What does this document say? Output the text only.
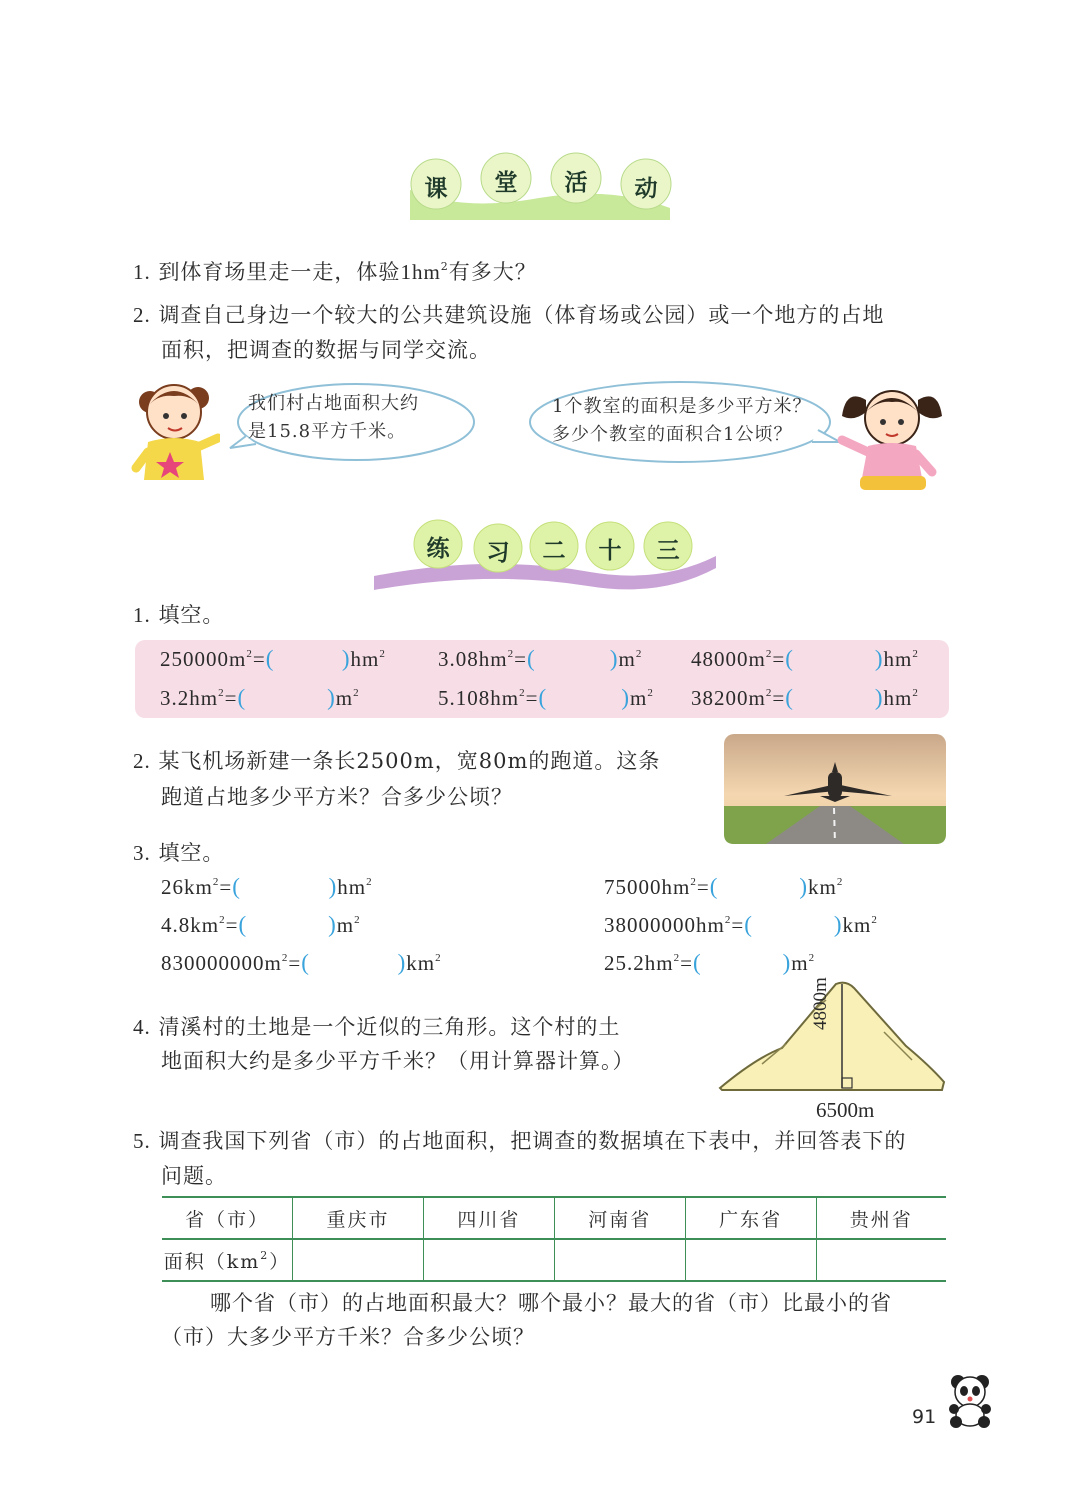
课 堂 活 动
1. 到体育场里走一走，体验$1hm^2$有多大？
2. 调查自己身边一个较大的公共建筑设施（体育场或公园）或一个地方的占地
面积，把调查的数据与同学交流。
我们村占地面积大约
是15.8平方千米。
1个教室的面积是多少平方米？
多少个教室的面积合1公顷？
练 习 二 十 三
1. 填空。
$250000m^2=$(          )$hm^2$ $3.08hm^2=$(           )$m^2$ $48000m^2=$(            )$hm^2$
$3.2hm^2=$(            )$m^2$	$5.108hm^2=$(           )$m^2$ $38200m^2=$(            )$hm^2$
2. 某飞机场新建一条长2500m，宽80m的跑道。这条
跑道占地多少平方米？合多少公顷？
3. 填空。
$26km^2=$(             )$hm^2$
$4.8km^2=$(            )$m^2$
$830000000m^2=$(             )$km^2$
$75000hm^2=$(            )$km^2$
$38000000hm^2=$(            )$km^2$
$25.2hm^2=$(            )$m^2$
4. 清溪村的土地是一个近似的三角形。这个村的土
地面积大约是多少平方千米？（用计算器计算。）
4800m
6500m
5. 调查我国下列省（市）的占地面积，把调查的数据填在下表中，并回答表下的
问题。
省（市）	重庆市	四川省	河南省	广东省	贵州省
面积$(km^2)$					
哪个省（市）的占地面积最大？哪个最小？最大的省（市）比最小的省
（市）大多少平方千米？合多少公顷？
91
